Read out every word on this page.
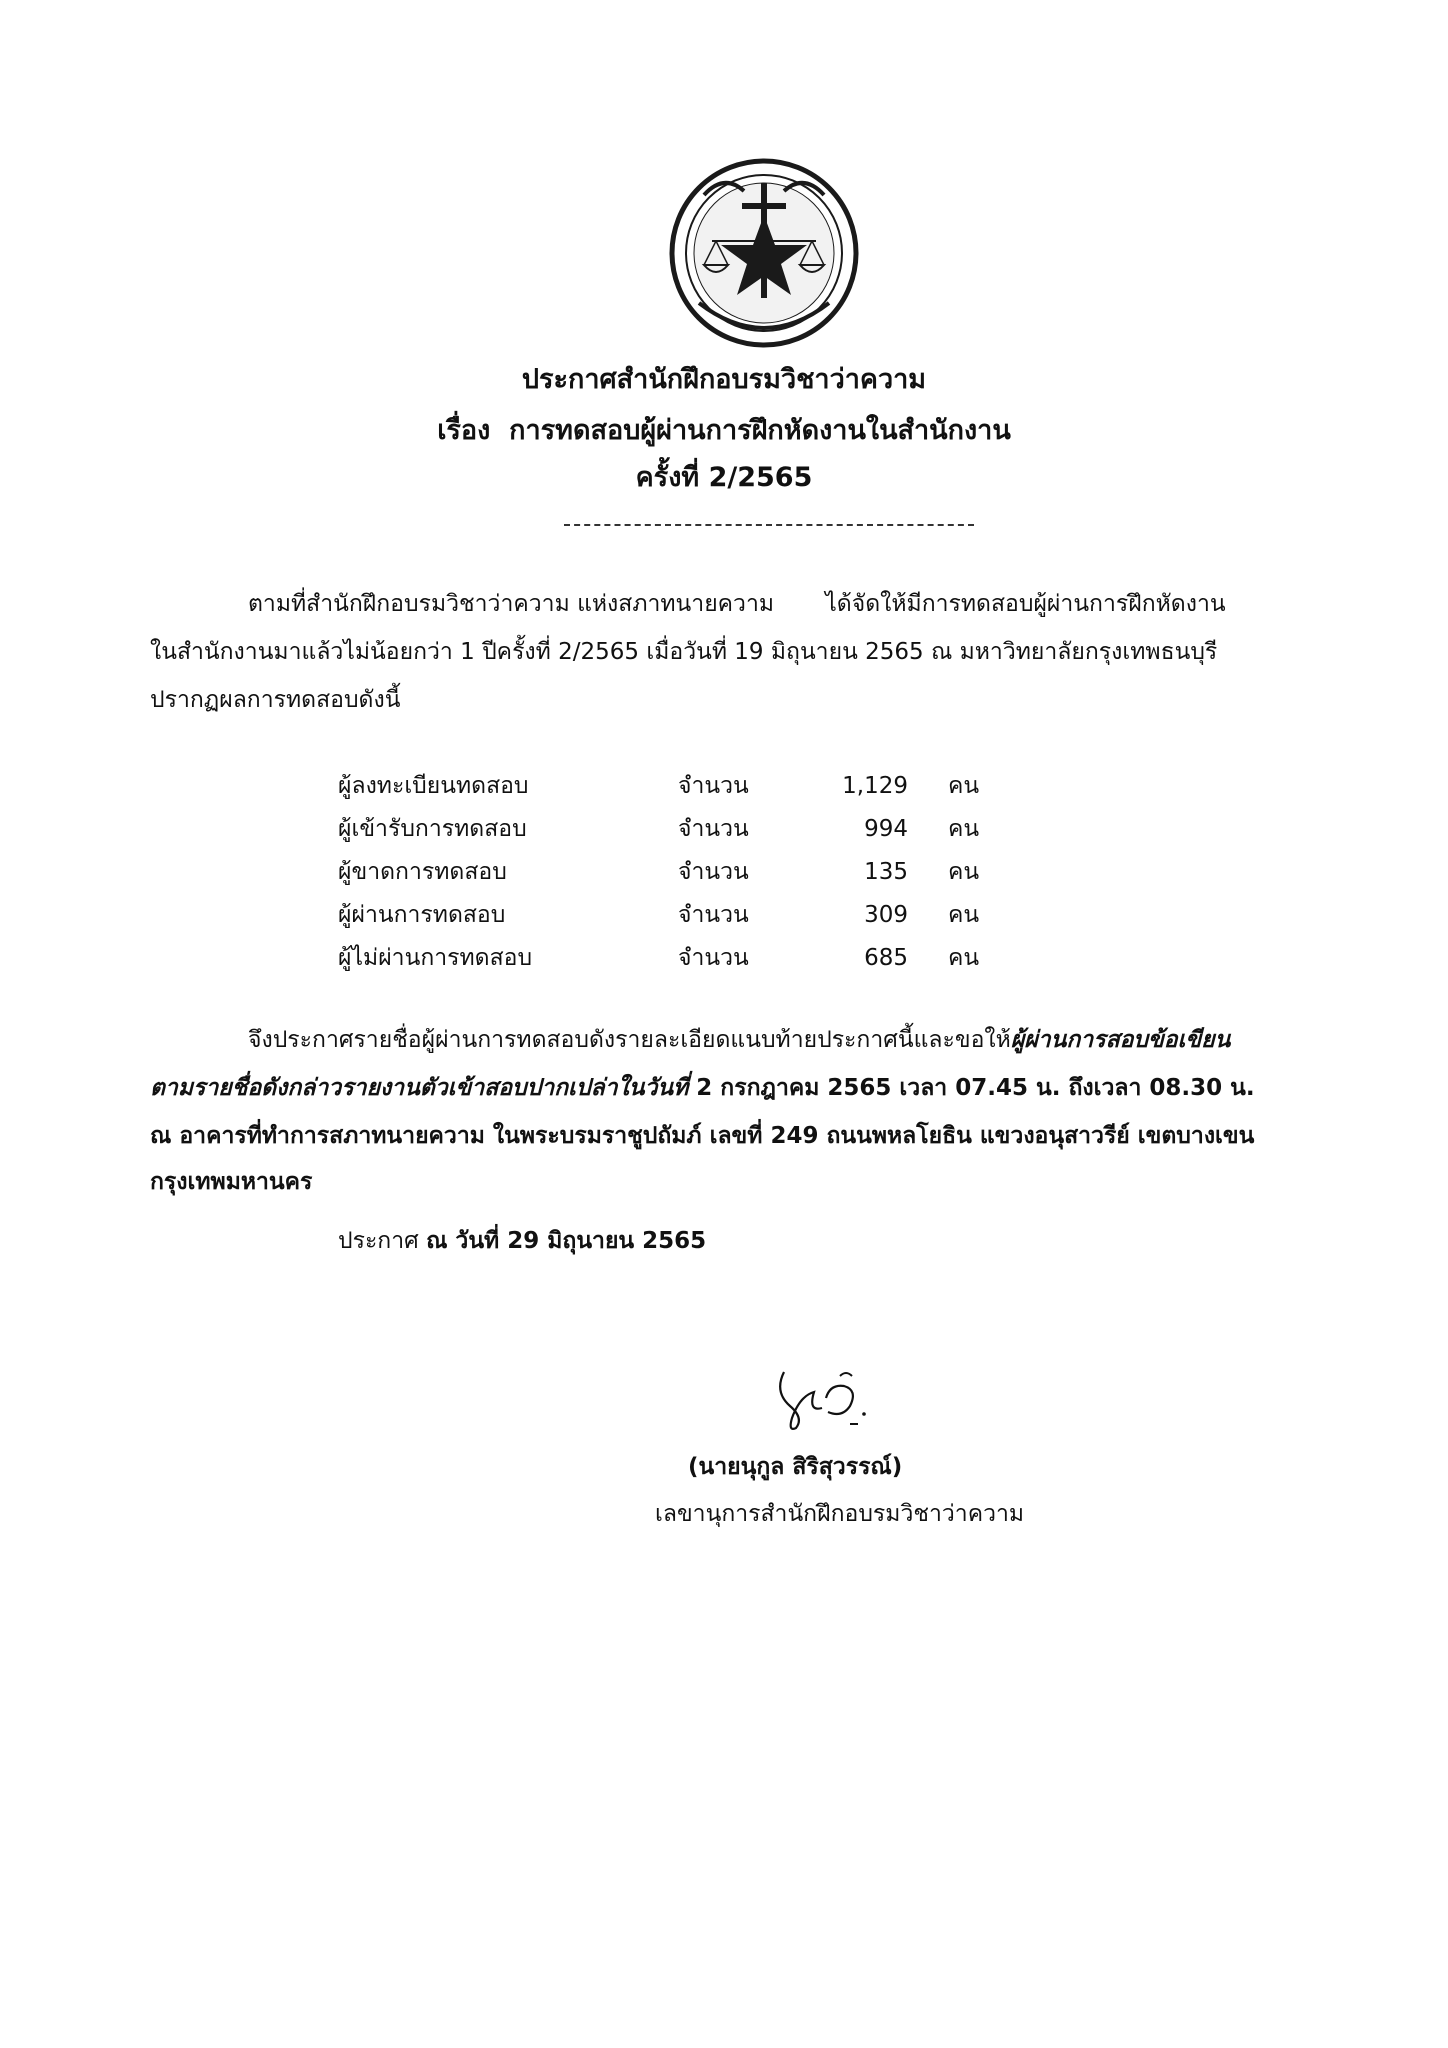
ประกาศสำนักฝึกอบรมวิชาว่าความ
เรื่อง การทดสอบผู้ผ่านการฝึกหัดงานในสำนักงาน
ครั้งที่ 2/2565
ตามที่สำนักฝึกอบรมวิชาว่าความ แห่งสภาทนายความ ได้จัดให้มีการทดสอบผู้ผ่านการฝึกหัดงาน
ในสำนักงานมาแล้วไม่น้อยกว่า 1 ปีครั้งที่ 2/2565 เมื่อวันที่ 19 มิถุนายน 2565 ณ มหาวิทยาลัยกรุงเทพธนบุรี
ปรากฏผลการทดสอบดังนี้
ผู้ลงทะเบียนทดสอบ	จำนวน	1,129	คน
ผู้เข้ารับการทดสอบ	จำนวน	994	คน
ผู้ขาดการทดสอบ	จำนวน	135	คน
ผู้ผ่านการทดสอบ	จำนวน	309	คน
ผู้ไม่ผ่านการทดสอบ	จำนวน	685	คน
จึงประกาศรายชื่อผู้ผ่านการทดสอบดังรายละเอียดแนบท้ายประกาศนี้และขอให้ผู้ผ่านการสอบข้อเขียน
ตามรายชื่อดังกล่าวรายงานตัวเข้าสอบปากเปล่าในวันที่ 2 กรกฎาคม 2565 เวลา 07.45 น. ถึงเวลา 08.30 น.
ณ อาคารที่ทำการสภาทนายความ ในพระบรมราชูปถัมภ์ เลขที่ 249 ถนนพหลโยธิน แขวงอนุสาวรีย์ เขตบางเขน
กรุงเทพมหานคร
ประกาศ ณ วันที่ 29 มิถุนายน 2565
(นายนุกูล สิริสุวรรณ์)
เลขานุการสำนักฝึกอบรมวิชาว่าความ
